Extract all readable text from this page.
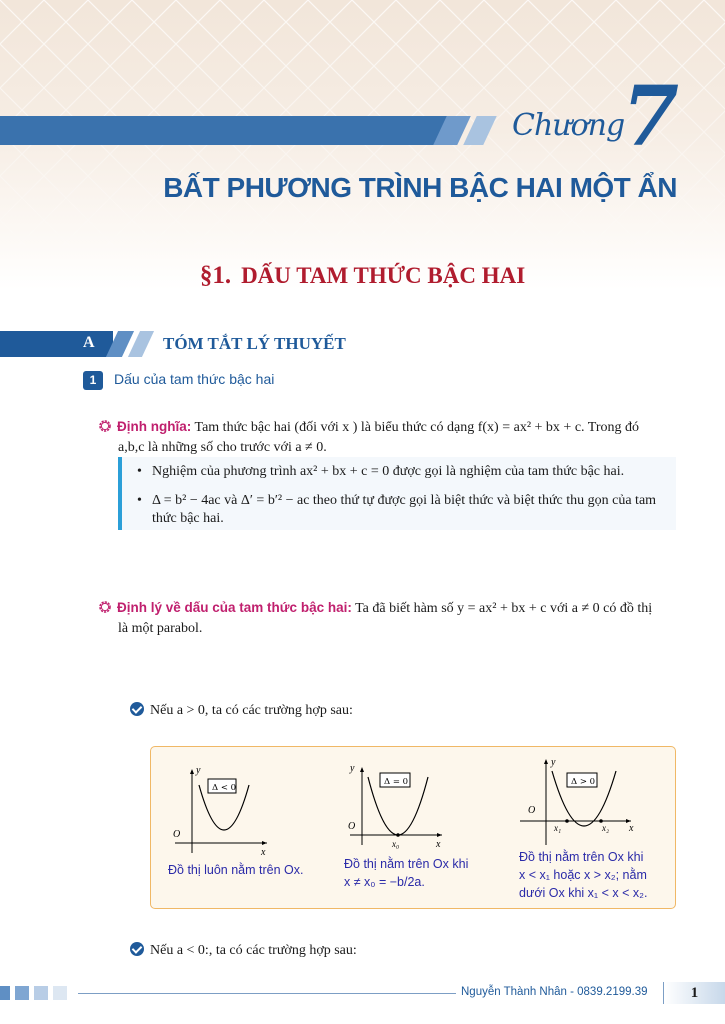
Chương
7
BẤT PHƯƠNG TRÌNH BẬC HAI MỘT ẨN
§1. DẤU TAM THỨC BẬC HAI
A	TÓM TẮT LÝ THUYẾT
1	Dấu của tam thức bậc hai
Định nghĩa: Tam thức bậc hai (đối với x ) là biểu thức có dạng f(x) = ax² + bx + c. Trong đó
a,b,c là những số cho trước với a ≠ 0.
• Nghiệm của phương trình ax² + bx + c = 0 được gọi là nghiệm của tam thức bậc hai.
• Δ = b² − 4ac và Δ′ = b′² − ac theo thứ tự được gọi là biệt thức và biệt thức thu gọn của tam thức bậc hai.
Định lý về dấu của tam thức bậc hai: Ta đã biết hàm số y = ax² + bx + c với a ≠ 0 có đồ thị
là một parabol.
Nếu a > 0, ta có các trường hợp sau:
Δ < 0
O
y
x
Đồ thị luôn nằm trên Ox.
Δ = 0
O
y
x
x₀
Đồ thị nằm trên Ox khi
x ≠ x₀ = −b/2a.
Δ > 0
O
y
x
x₁	x₂
Đồ thị nằm trên Ox khi
x < x₁ hoặc x > x₂; nằm
dưới Ox khi x₁ < x < x₂.
Nếu a < 0:, ta có các trường hợp sau:
Nguyễn Thành Nhân - 0839.2199.39	1
